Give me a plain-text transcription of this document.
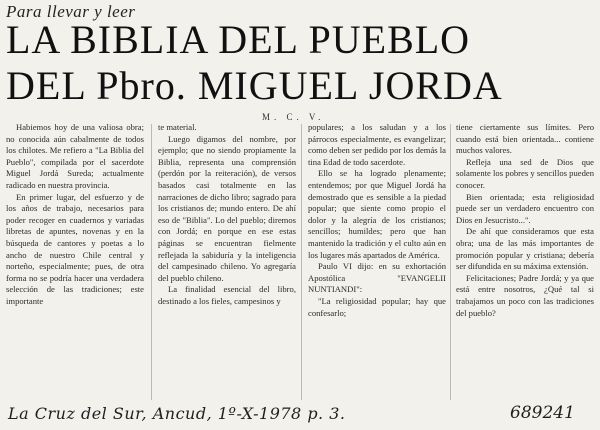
Para llevar y leer
LA BIBLIA DEL PUEBLO
DEL Pbro. MIGUEL JORDA
M. C. V.

Habiemos hoy de una valiosa obra; no conocida aún cabalmente de todos los chilotes. Me refiero a "La Biblia del Pueblo", compilada por el sacerdote Miguel Jordá Sureda; actualmente radicado en nuestra provincia.

En primer lugar, del esfuerzo y de los años de trabajo, necesarios para poder recoger en cuadernos y variadas libretas de apuntes, novenas y en la búsqueda de cantores y poetas a lo ancho de nuestro Chile central y norteño, especialmente; pues, de otra forma no se podría hacer una verdadera selección de las tradiciones; este importante

te material.

Luego digamos del nombre, por ejemplo; que no siendo propiamente la Biblia, representa una comprensión (perdón por la reiteración), de versos basados casi totalmente en las narraciones de dicho libro; sagrado para los cristianos de; mundo entero. De ahí eso de "Biblia". Lo del pueblo; diremos con Jordá; en porque en ese estas páginas se encuentran fielmente reflejada la sabiduría y la inteligencia del campesinado chileno. Yo agregaría del pueblo chileno.

La finalidad esencial del libro, destinado a los fieles, campesinos y

populares; a los saludan y a los párrocos especialmente, es evangelizar; como deben ser pedido por los demás la tina Edad de todo sacerdote.

Ello se ha logrado plenamente; entendemos; por que Miguel Jordá ha demostrado que es sensible a la piedad popular; que siente como propio el dolor y la alegría de los cristianos; sencillos; humildes; pero que han mantenido la tradición y el culto aún en los lugares más apartados de América.

Paulo VI dijo: en su exhortación Apostólica "EVANGELII NUNTIANDI":

"La religiosidad popular; hay que confesarlo;

tiene ciertamente sus límites. Pero cuando está bien orientada... contiene muchos valores.

Refleja una sed de Dios que solamente los pobres y sencillos pueden conocer.

Bien orientada; esta religiosidad puede ser un verdadero encuentro con Dios en Jesucristo...".

De ahí que consideramos que esta obra; una de las más importantes de promoción popular y cristiana; debería ser difundida en su máxima extensión.

Felicitaciones; Padre Jordá; y ya que está entre nosotros, ¿Qué tal si trabajamos un poco con las tradiciones del pueblo?

La Cruz del Sur, Ancud, 1º-X-1978 p. 3.	689241
